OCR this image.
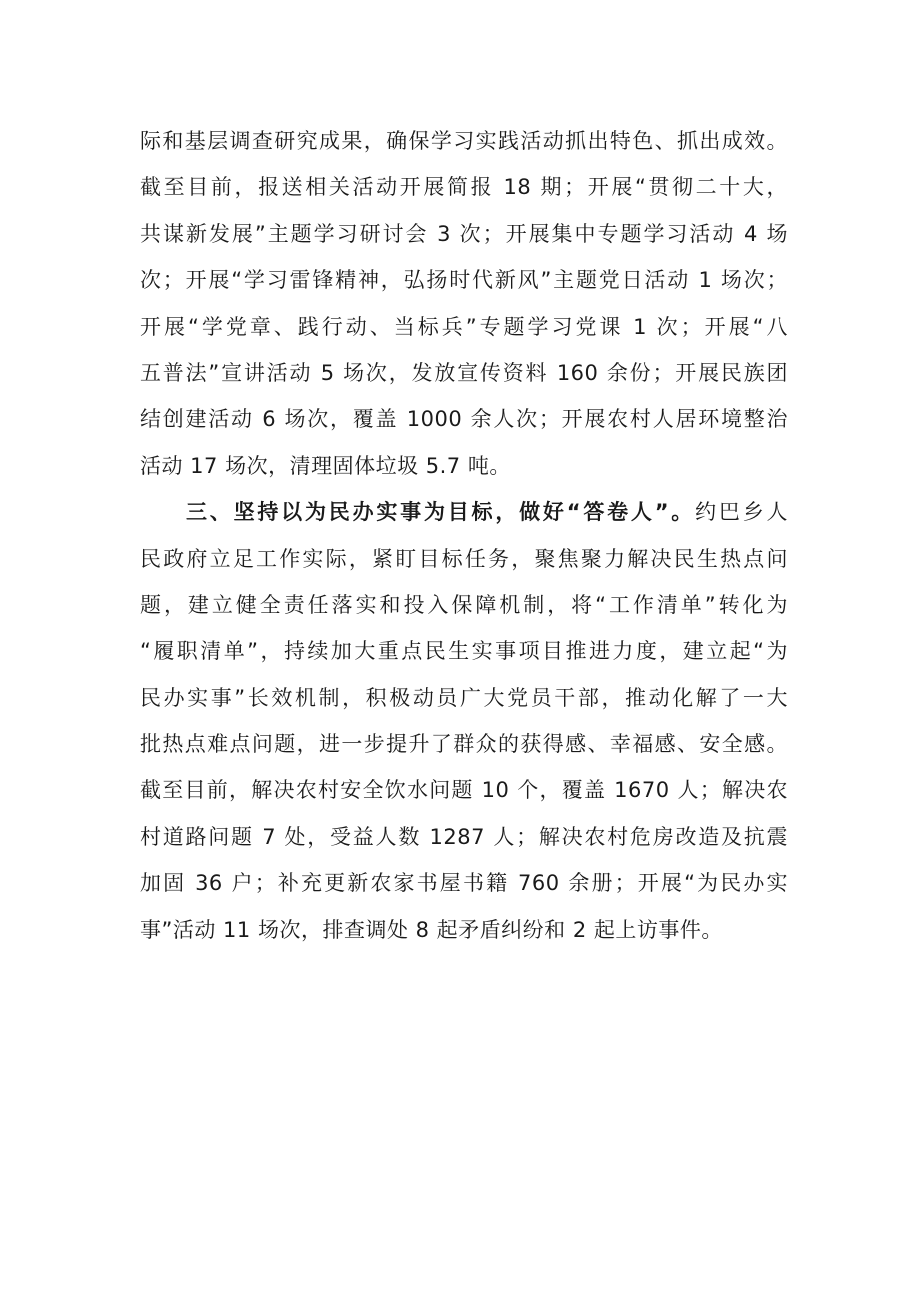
际和基层调查研究成果，确保学习实践活动抓出特色、抓出成效。
截至目前，报送相关活动开展简报 18 期；开展“贯彻二十大，
共谋新发展”主题学习研讨会 3 次；开展集中专题学习活动 4 场
次；开展“学习雷锋精神，弘扬时代新风”主题党日活动 1 场次；
开展“学党章、践行动、当标兵”专题学习党课 1 次；开展“八
五普法”宣讲活动 5 场次，发放宣传资料 160 余份；开展民族团
结创建活动 6 场次，覆盖 1000 余人次；开展农村人居环境整治
活动 17 场次，清理固体垃圾 5.7 吨。
三、坚持以为民办实事为目标，做好“答卷人”。约巴乡人
民政府立足工作实际，紧盯目标任务，聚焦聚力解决民生热点问
题，建立健全责任落实和投入保障机制，将“工作清单”转化为
“履职清单”，持续加大重点民生实事项目推进力度，建立起“为
民办实事”长效机制，积极动员广大党员干部，推动化解了一大
批热点难点问题，进一步提升了群众的获得感、幸福感、安全感。
截至目前，解决农村安全饮水问题 10 个，覆盖 1670 人；解决农
村道路问题 7 处，受益人数 1287 人；解决农村危房改造及抗震
加固 36 户；补充更新农家书屋书籍 760 余册；开展“为民办实
事”活动 11 场次，排查调处 8 起矛盾纠纷和 2 起上访事件。
